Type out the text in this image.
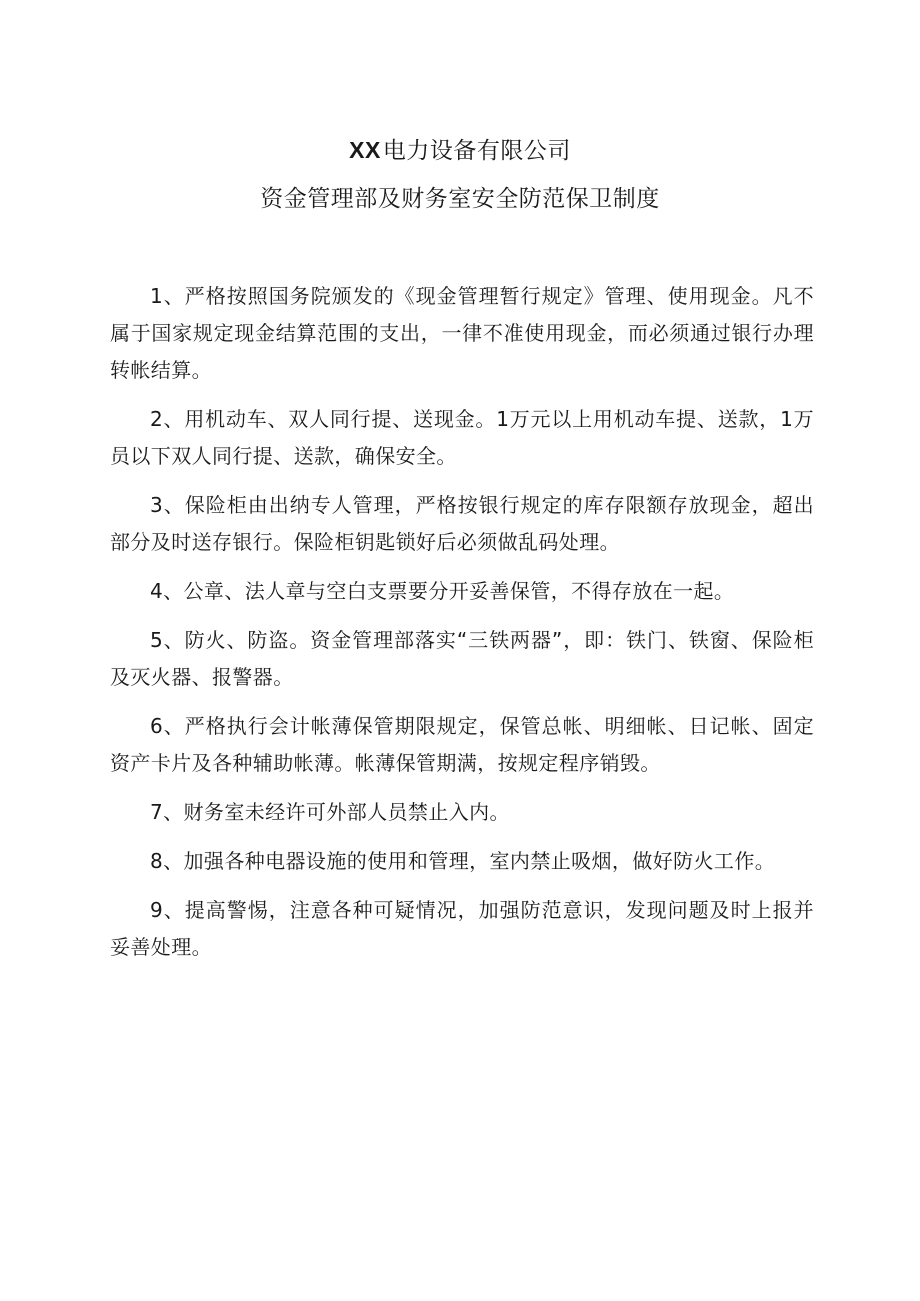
XX电力设备有限公司
资金管理部及财务室安全防范保卫制度

1、严格按照国务院颁发的《现金管理暂行规定》管理、使用现金。凡不属于国家规定现金结算范围的支出，一律不准使用现金，而必须通过银行办理转帐结算。

2、用机动车、双人同行提、送现金。1万元以上用机动车提、送款，1万员以下双人同行提、送款，确保安全。

3、保险柜由出纳专人管理，严格按银行规定的库存限额存放现金，超出部分及时送存银行。保险柜钥匙锁好后必须做乱码处理。

4、公章、法人章与空白支票要分开妥善保管，不得存放在一起。

5、防火、防盗。资金管理部落实“三铁两器”，即：铁门、铁窗、保险柜及灭火器、报警器。

6、严格执行会计帐薄保管期限规定，保管总帐、明细帐、日记帐、固定资产卡片及各种辅助帐薄。帐薄保管期满，按规定程序销毁。

7、财务室未经许可外部人员禁止入内。

8、加强各种电器设施的使用和管理，室内禁止吸烟，做好防火工作。

9、提高警惕，注意各种可疑情况，加强防范意识，发现问题及时上报并妥善处理。
